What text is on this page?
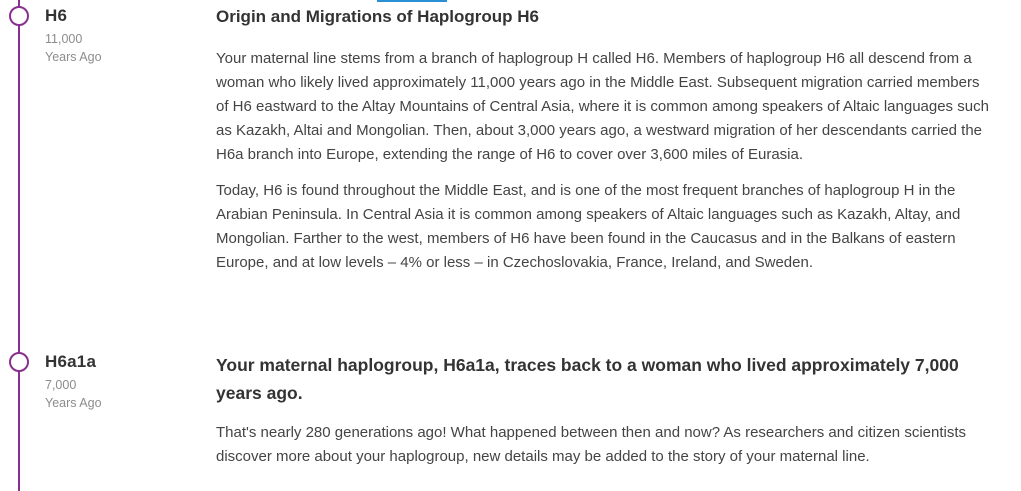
H6
11,000
Years Ago
Origin and Migrations of Haplogroup H6

Your maternal line stems from a branch of haplogroup H called H6. Members of haplogroup H6 all descend from a woman who likely lived approximately 11,000 years ago in the Middle East. Subsequent migration carried members of H6 eastward to the Altay Mountains of Central Asia, where it is common among speakers of Altaic languages such as Kazakh, Altai and Mongolian. Then, about 3,000 years ago, a westward migration of her descendants carried the H6a branch into Europe, extending the range of H6 to cover over 3,600 miles of Eurasia.

Today, H6 is found throughout the Middle East, and is one of the most frequent branches of haplogroup H in the Arabian Peninsula. In Central Asia it is common among speakers of Altaic languages such as Kazakh, Altay, and Mongolian. Farther to the west, members of H6 have been found in the Caucasus and in the Balkans of eastern Europe, and at low levels – 4% or less – in Czechoslovakia, France, Ireland, and Sweden.

H6a1a
7,000
Years Ago
Your maternal haplogroup, H6a1a, traces back to a woman who lived approximately 7,000 years ago.

That's nearly 280 generations ago! What happened between then and now? As researchers and citizen scientists discover more about your haplogroup, new details may be added to the story of your maternal line.
